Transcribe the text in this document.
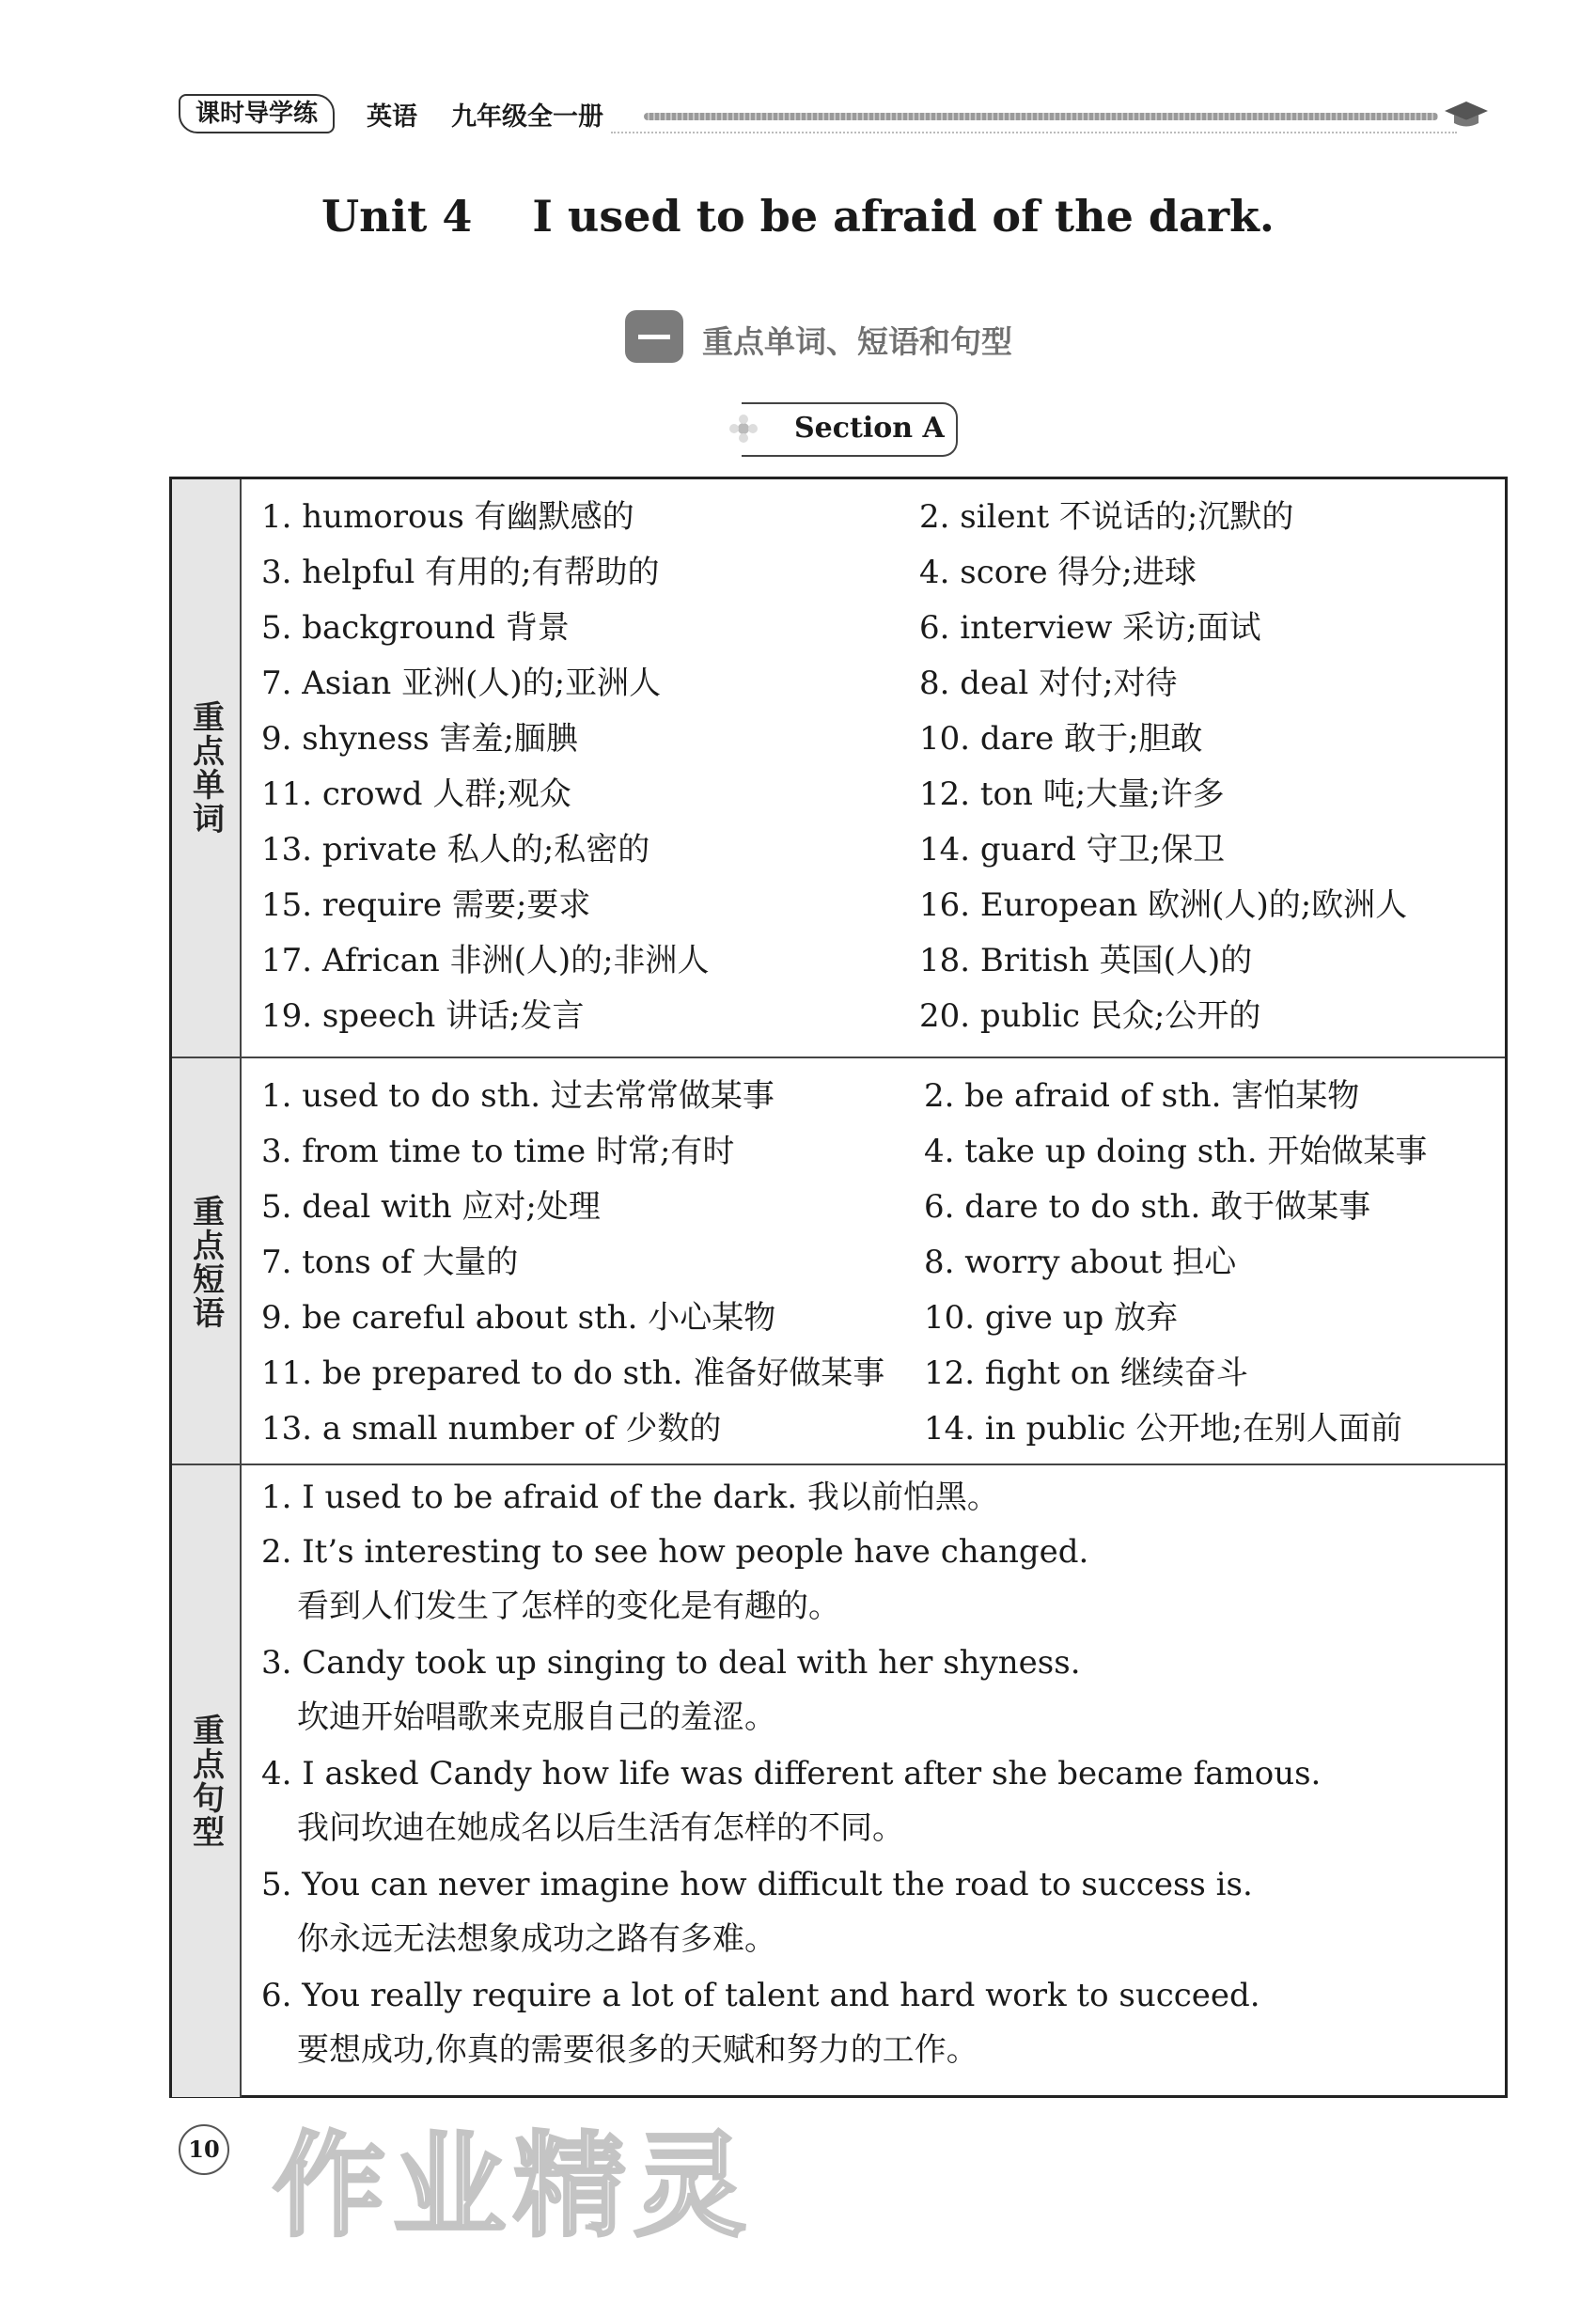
课时导学练	英语 九年级全一册
Unit 4    I used to be afraid of the dark.
重点单词、短语和句型
Section A
重点单词
1. humorous 有幽默感的	2. silent 不说话的;沉默的
3. helpful 有用的;有帮助的	4. score 得分;进球
5. background 背景	6. interview 采访;面试
7. Asian 亚洲(人)的;亚洲人	8. deal 对付;对待
9. shyness 害羞;腼腆	10. dare 敢于;胆敢
11. crowd 人群;观众	12. ton 吨;大量;许多
13. private 私人的;私密的	14. guard 守卫;保卫
15. require 需要;要求	16. European 欧洲(人)的;欧洲人
17. African 非洲(人)的;非洲人	18. British 英国(人)的
19. speech 讲话;发言	20. public 民众;公开的
重点短语
1. used to do sth. 过去常常做某事	2. be afraid of sth. 害怕某物
3. from time to time 时常;有时	4. take up doing sth. 开始做某事
5. deal with 应对;处理	6. dare to do sth. 敢于做某事
7. tons of 大量的	8. worry about 担心
9. be careful about sth. 小心某物	10. give up 放弃
11. be prepared to do sth. 准备好做某事 12. fight on 继续奋斗
13. a small number of 少数的	14. in public 公开地;在别人面前
重点句型
1. I used to be afraid of the dark. 我以前怕黑。
2. It’s interesting to see how people have changed.
看到人们发生了怎样的变化是有趣的。
3. Candy took up singing to deal with her shyness.
坎迪开始唱歌来克服自己的羞涩。
4. I asked Candy how life was different after she became famous.
我问坎迪在她成名以后生活有怎样的不同。
5. You can never imagine how difficult the road to success is.
你永远无法想象成功之路有多难。
6. You really require a lot of talent and hard work to succeed.
要想成功,你真的需要很多的天赋和努力的工作。
10 作业精灵
